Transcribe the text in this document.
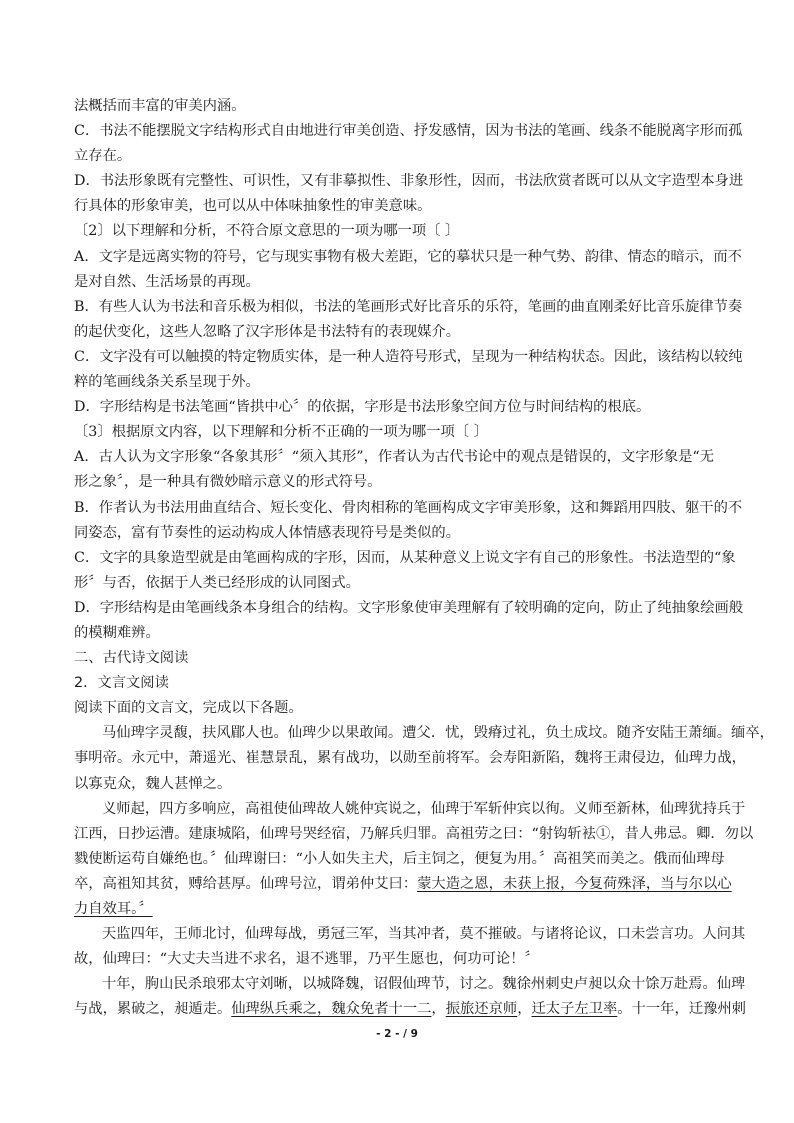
法概括而丰富的审美内涵。
C．书法不能摆脱文字结构形式自由地进行审美创造、抒发感情，因为书法的笔画、线条不能脱离字形而孤
立存在。
D．书法形象既有完整性、可识性，又有非摹拟性、非象形性，因而，书法欣赏者既可以从文字造型本身进
行具体的形象审美，也可以从中体味抽象性的审美意味。
〔2〕以下理解和分析，不符合原文意思的一项为哪一项〔 〕
A．文字是远离实物的符号，它与现实事物有极大差距，它的摹状只是一种气势、韵律、情态的暗示，而不
是对自然、生活场景的再现。
B．有些人认为书法和音乐极为相似，书法的笔画形式好比音乐的乐符，笔画的曲直刚柔好比音乐旋律节奏
的起伏变化，这些人忽略了汉字形体是书法特有的表现媒介。
C．文字没有可以触摸的特定物质实体，是一种人造符号形式，呈现为一种结构状态。因此，该结构以较纯
粹的笔画线条关系呈现于外。
D．字形结构是书法笔画“皆拱中心〞的依据，字形是书法形象空间方位与时间结构的根底。
〔3〕根据原文内容，以下理解和分析不正确的一项为哪一项〔 〕
A．古人认为文字形象“各象其形〞“须入其形”，作者认为古代书论中的观点是错误的，文字形象是“无
形之象〞，是一种具有微妙暗示意义的形式符号。
B．作者认为书法用曲直结合、短长变化、骨肉相称的笔画构成文字审美形象，这和舞蹈用四肢、躯干的不
同姿态，富有节奏性的运动构成人体情感表现符号是类似的。
C．文字的具象造型就是由笔画构成的字形，因而，从某种意义上说文字有自己的形象性。书法造型的“象
形〞与否，依据于人类已经形成的认同图式。
D．字形结构是由笔画线条本身组合的结构。文字形象使审美理解有了较明确的定向，防止了纯抽象绘画般
的模糊难辨。
二、古代诗文阅读
2．文言文阅读
阅读下面的文言文，完成以下各题。
马仙琕字灵馥，扶风郿人也。仙琕少以果敢闻。遭父．忧，毁瘠过礼，负土成坟。随齐安陆王萧缅。缅卒，
事明帝。永元中，萧遥光、崔慧景乱，累有战功，以勋至前将军。会寿阳新陷，魏将王肃侵边，仙琕力战，
以寡克众，魏人甚惮之。
义师起，四方多响应，高祖使仙琕故人姚仲宾说之，仙琕于军斩仲宾以徇。义师至新林，仙琕犹持兵于
江西，日抄运漕。建康城陷，仙琕号哭经宿，乃解兵归罪。高祖劳之曰：“射钩斩袪①，昔人弗忌。卿．勿以
戮使断运苟自嫌绝也。〞仙琕谢曰：“小人如失主犬，后主饲之，便复为用。〞高祖笑而美之。俄而仙琕母
卒，高祖知其贫，赙给甚厚。仙琕号泣，谓弟仲艾曰：蒙大造之恩，未获上报，今复荷殊泽，当与尔以心
力自效耳。〞
天监四年，王师北讨，仙琕每战，勇冠三军，当其冲者，莫不摧破。与诸将论议，口未尝言功。人问其
故，仙琕曰：“大丈夫当进不求名，退不逃罪，乃平生愿也，何功可论！〞
十年，朐山民杀琅邪太守刘晰，以城降魏，诏假仙琕节，讨之。魏徐州刺史卢昶以众十馀万赴焉。仙琕
与战，累破之，昶遁走。仙琕纵兵乘之，魏众免者十一二，振旅还京师，迁太子左卫率。十一年，迁豫州刺
- 2 - / 9
